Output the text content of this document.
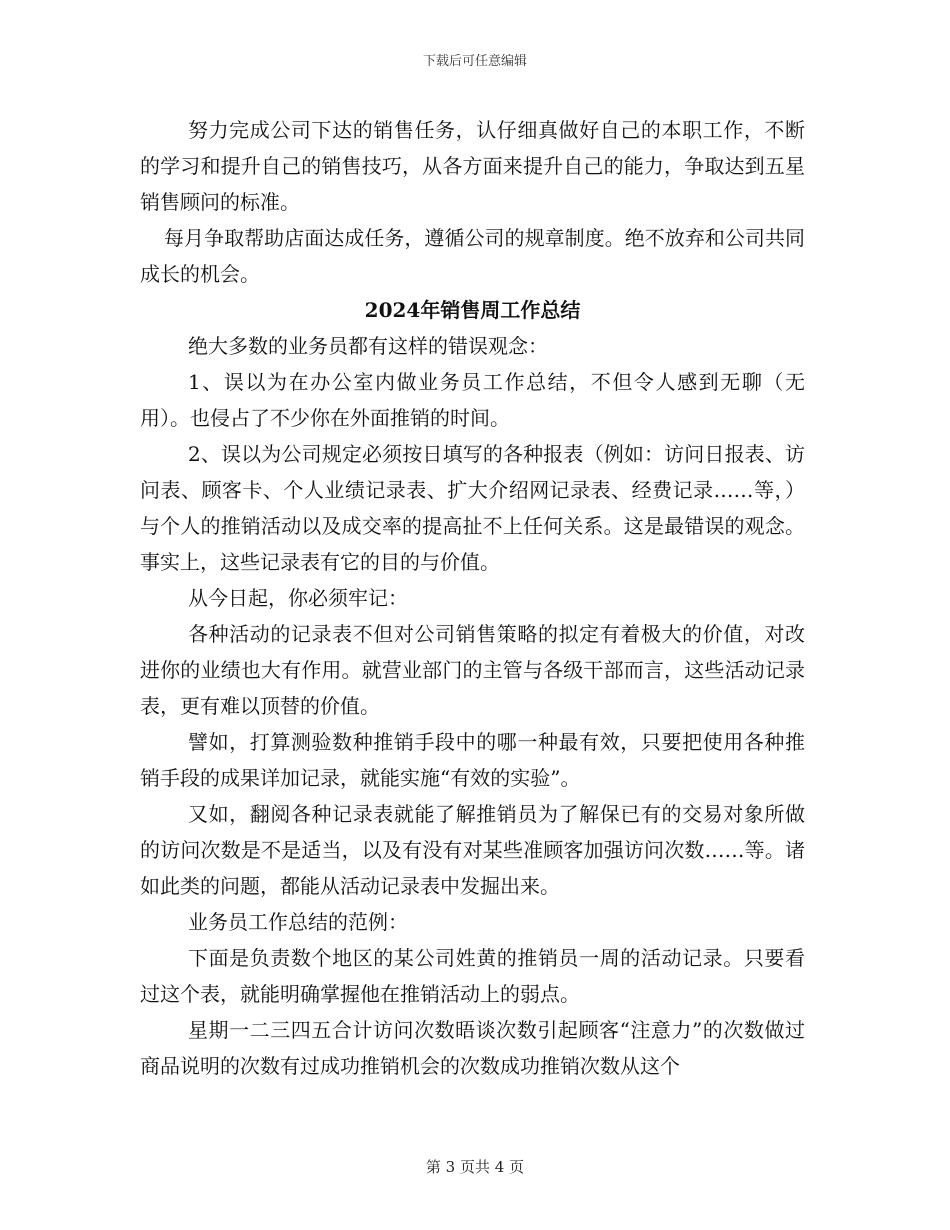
下载后可任意编辑

努力完成公司下达的销售任务，认仔细真做好自己的本职工作，不断的学习和提升自己的销售技巧，从各方面来提升自己的能力，争取达到五星销售顾问的标准。

每月争取帮助店面达成任务，遵循公司的规章制度。绝不放弃和公司共同成长的机会。

2024年销售周工作总结

绝大多数的业务员都有这样的错误观念：

1、误以为在办公室内做业务员工作总结，不但令人感到无聊（无用）。也侵占了不少你在外面推销的时间。

2、误以为公司规定必须按日填写的各种报表（例如：访问日报表、访问表、顾客卡、个人业绩记录表、扩大介绍网记录表、经费记录……等，）与个人的推销活动以及成交率的提高扯不上任何关系。这是最错误的观念。事实上，这些记录表有它的目的与价值。

从今日起，你必须牢记：

各种活动的记录表不但对公司销售策略的拟定有着极大的价值，对改进你的业绩也大有作用。就营业部门的主管与各级干部而言，这些活动记录表，更有难以顶替的价值。

譬如，打算测验数种推销手段中的哪一种最有效，只要把使用各种推销手段的成果详加记录，就能实施“有效的实验”。

又如，翻阅各种记录表就能了解推销员为了解保已有的交易对象所做的访问次数是不是适当，以及有没有对某些准顾客加强访问次数……等。诸如此类的问题，都能从活动记录表中发掘出来。

业务员工作总结的范例：

下面是负责数个地区的某公司姓黄的推销员一周的活动记录。只要看过这个表，就能明确掌握他在推销活动上的弱点。

星期一二三四五合计访问次数晤谈次数引起顾客“注意力”的次数做过商品说明的次数有过成功推销机会的次数成功推销次数从这个

第 3 页共 4 页
